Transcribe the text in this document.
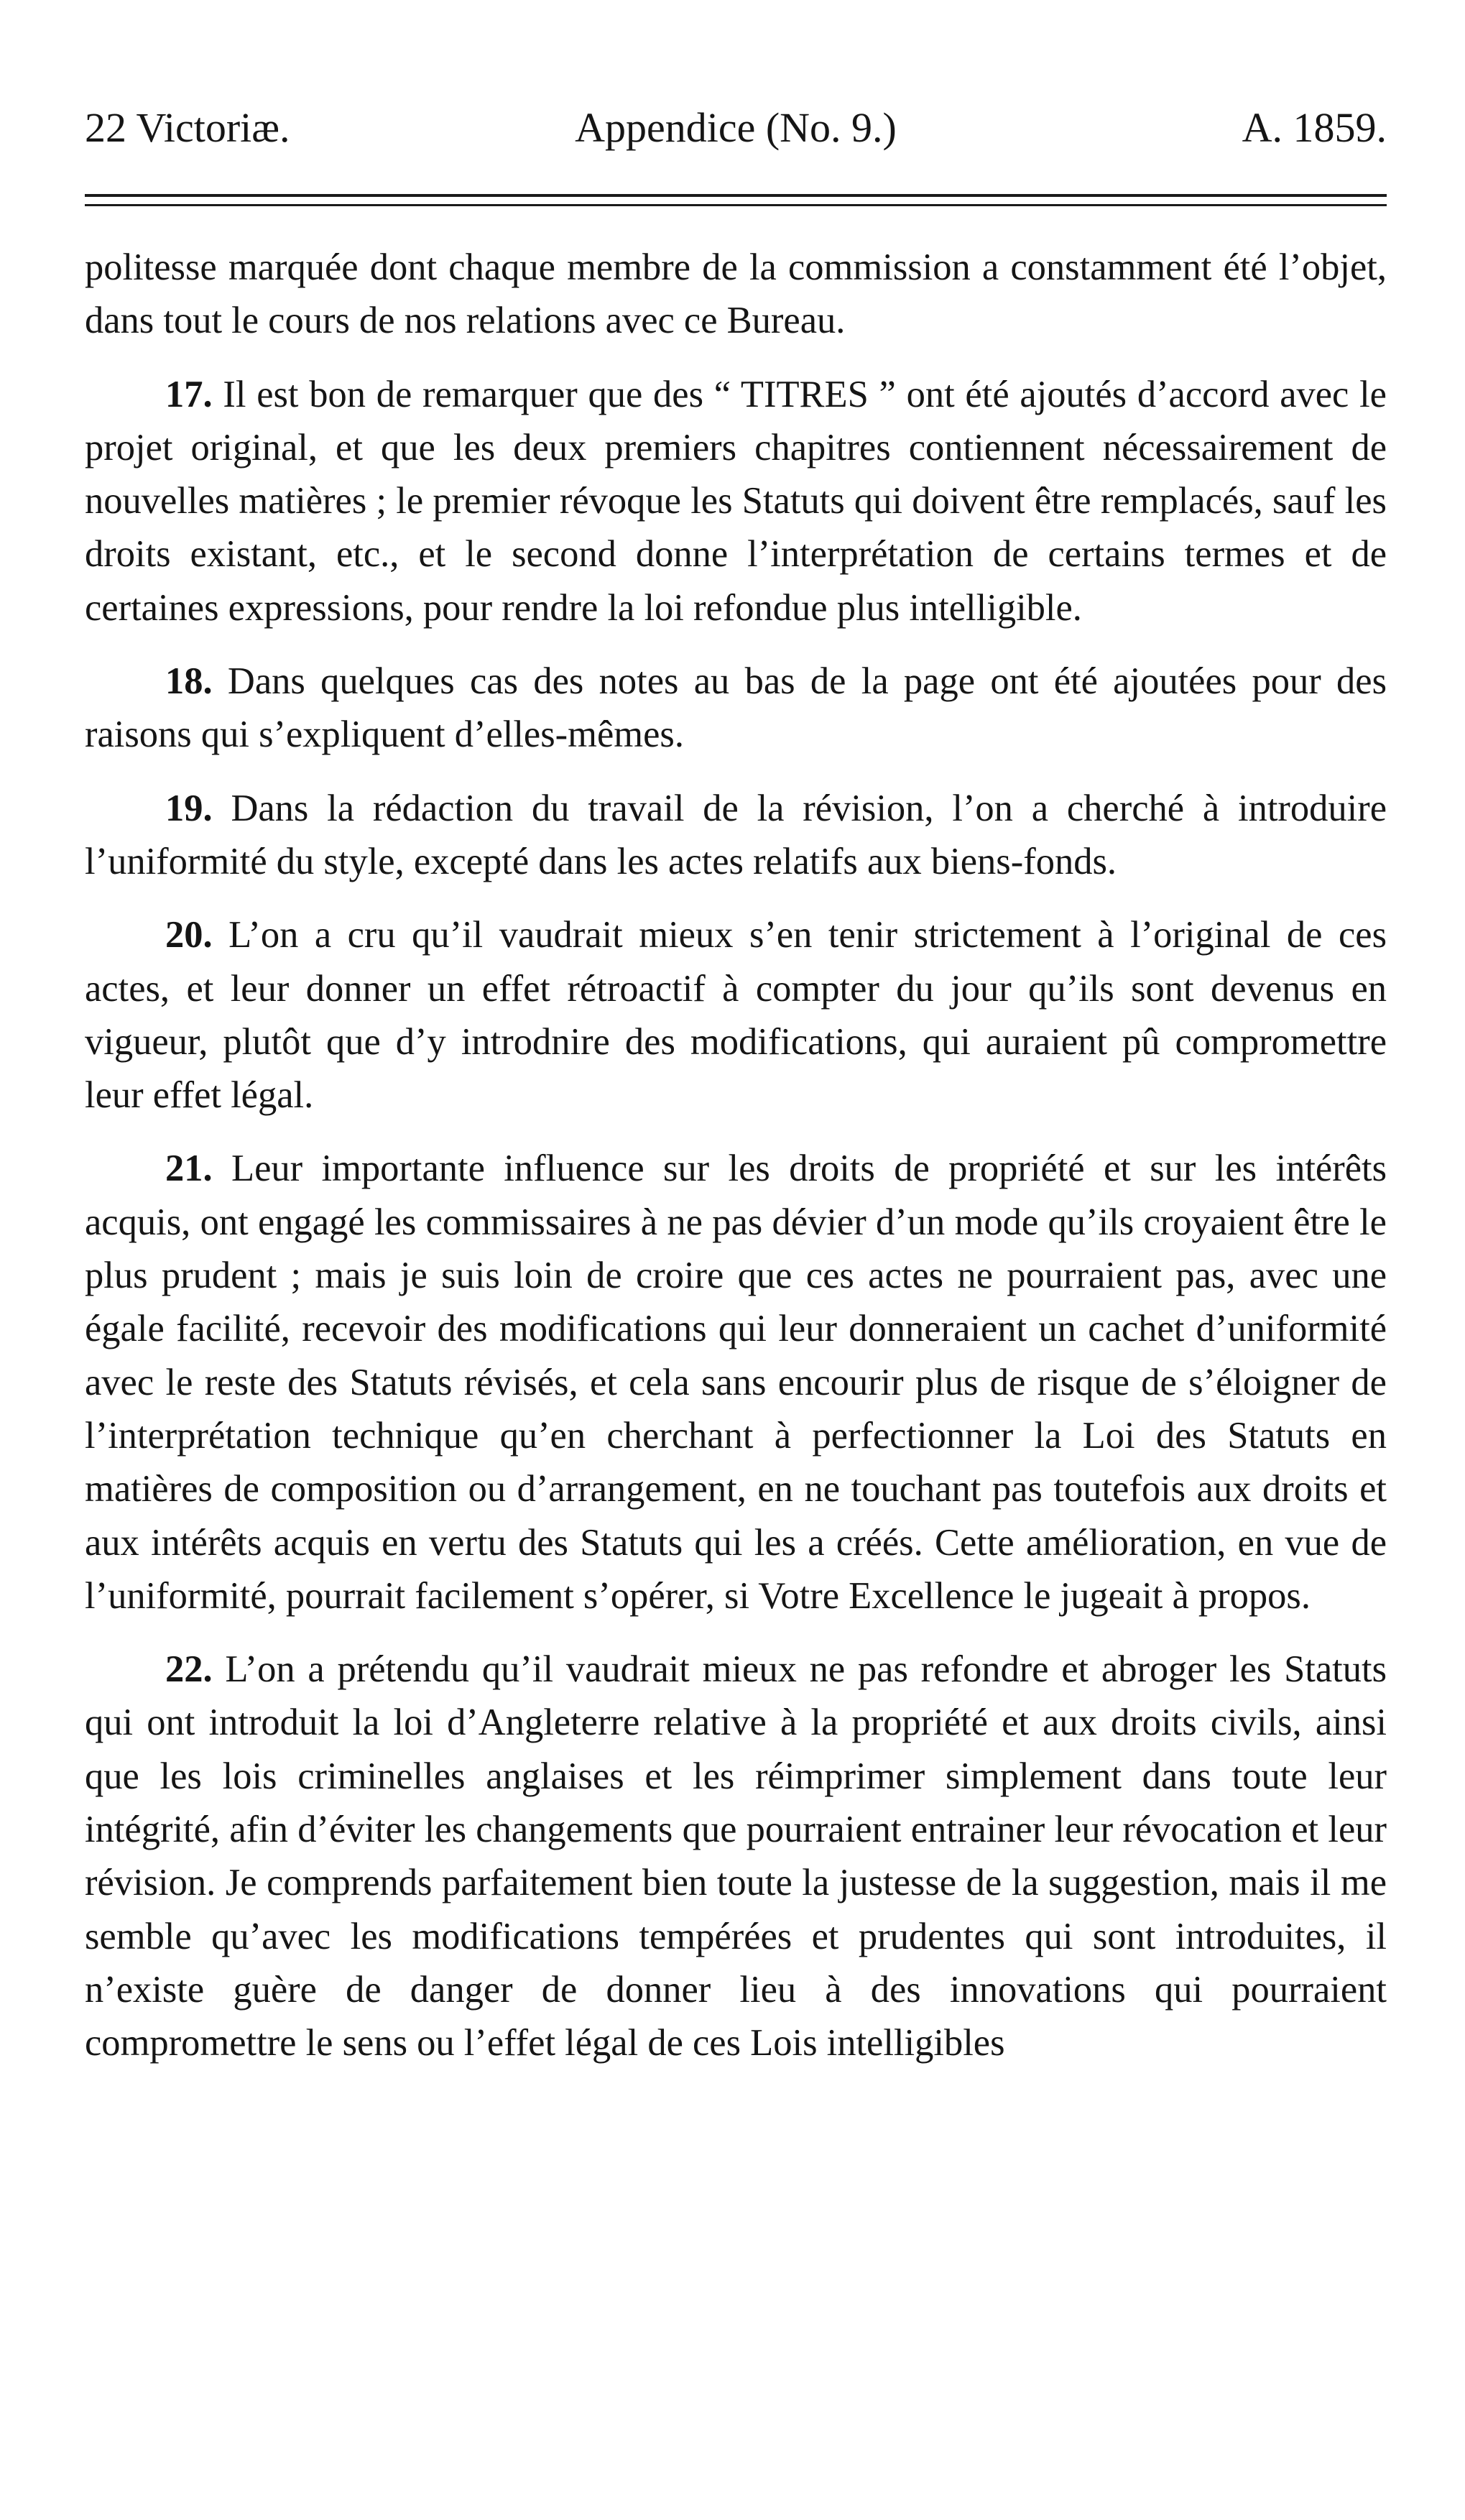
22 Victoriæ.	Appendice (No. 9.)	A. 1859.

politesse marquée dont chaque membre de la commission a constamment été l’objet, dans tout le cours de nos relations avec ce Bureau.

17. Il est bon de remarquer que des “ TITRES ” ont été ajoutés d’accord avec le projet original, et que les deux premiers chapitres contiennent nécessairement de nouvelles matières ; le premier révoque les Statuts qui doivent être remplacés, sauf les droits existant, etc., et le second donne l’interprétation de certains termes et de certaines expressions, pour rendre la loi refondue plus intelligible.

18. Dans quelques cas des notes au bas de la page ont été ajoutées pour des raisons qui s’expliquent d’elles-mêmes.

19. Dans la rédaction du travail de la révision, l’on a cherché à introduire l’uniformité du style, excepté dans les actes relatifs aux biens-fonds.

20. L’on a cru qu’il vaudrait mieux s’en tenir strictement à l’original de ces actes, et leur donner un effet rétroactif à compter du jour qu’ils sont devenus en vigueur, plutôt que d’y introdnire des modifications, qui auraient pû compromettre leur effet légal.

21. Leur importante influence sur les droits de propriété et sur les intérêts acquis, ont engagé les commissaires à ne pas dévier d’un mode qu’ils croyaient être le plus prudent ; mais je suis loin de croire que ces actes ne pourraient pas, avec une égale facilité, recevoir des modifications qui leur donneraient un cachet d’uniformité avec le reste des Statuts révisés, et cela sans encourir plus de risque de s’éloigner de l’interprétation technique qu’en cherchant à perfectionner la Loi des Statuts en matières de composition ou d’arrangement, en ne touchant pas toutefois aux droits et aux intérêts acquis en vertu des Statuts qui les a créés. Cette amélioration, en vue de l’uniformité, pourrait facilement s’opérer, si Votre Excellence le jugeait à propos.

22. L’on a prétendu qu’il vaudrait mieux ne pas refondre et abroger les Statuts qui ont introduit la loi d’Angleterre relative à la propriété et aux droits civils, ainsi que les lois criminelles anglaises et les réimprimer simplement dans toute leur intégrité, afin d’éviter les changements que pourraient entrainer leur révocation et leur révision. Je comprends parfaitement bien toute la justesse de la suggestion, mais il me semble qu’avec les modifications tempérées et prudentes qui sont introduites, il n’existe guère de danger de donner lieu à des innovations qui pourraient compromettre le sens ou l’effet légal de ces Lois intelligibles
